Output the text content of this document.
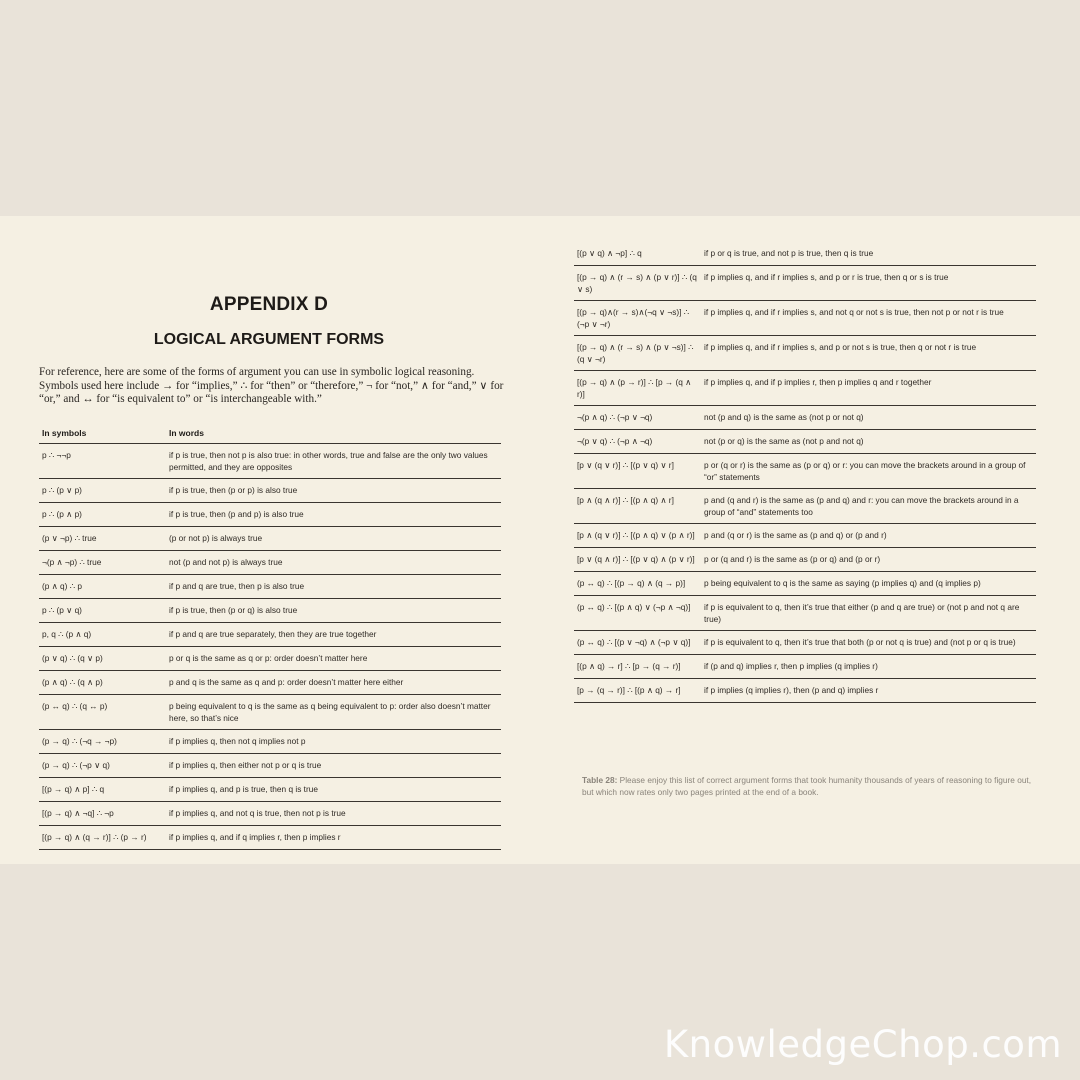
APPENDIX D
LOGICAL ARGUMENT FORMS
For reference, here are some of the forms of argument you can use in symbolic logical reasoning. Symbols used here include → for “implies,” ∴ for “then” or “therefore,” ¬ for “not,” ∧ for “and,” ∨ for “or,” and ↔ for “is equivalent to” or “is interchangeable with.”
In symbols	In words
p ∴ ¬¬p	if p is true, then not p is also true: in other words, true and false are the only two values permitted, and they are opposites
p ∴ (p ∨ p)	if p is true, then (p or p) is also true
p ∴ (p ∧ p)	if p is true, then (p and p) is also true
(p ∨ ¬p) ∴ true	(p or not p) is always true
¬(p ∧ ¬p) ∴ true	not (p and not p) is always true
(p ∧ q) ∴ p	if p and q are true, then p is also true
p ∴ (p ∨ q)	if p is true, then (p or q) is also true
p, q ∴ (p ∧ q)	if p and q are true separately, then they are true together
(p ∨ q) ∴ (q ∨ p)	p or q is the same as q or p: order doesn’t matter here
(p ∧ q) ∴ (q ∧ p)	p and q is the same as q and p: order doesn’t matter here either
(p ↔ q) ∴ (q ↔ p)	p being equivalent to q is the same as q being equivalent to p: order also doesn’t matter here, so that’s nice
(p → q) ∴ (¬q → ¬p)	if p implies q, then not q implies not p
(p → q) ∴ (¬p ∨ q)	if p implies q, then either not p or q is true
[(p → q) ∧ p] ∴ q	if p implies q, and p is true, then q is true
[(p → q) ∧ ¬q] ∴ ¬p	if p implies q, and not q is true, then not p is true
[(p → q) ∧ (q → r)] ∴ (p → r)	if p implies q, and if q implies r, then p implies r
[(p ∨ q) ∧ ¬p] ∴ q	if p or q is true, and not p is true, then q is true
[(p → q) ∧ (r → s) ∧ (p ∨ r)] ∴ (q ∨ s)	if p implies q, and if r implies s, and p or r is true, then q or s is true
[(p → q)∧(r → s)∧(¬q ∨ ¬s)] ∴ (¬p ∨ ¬r)	if p implies q, and if r implies s, and not q or not s is true, then not p or not r is true
[(p → q) ∧ (r → s) ∧ (p ∨ ¬s)] ∴ (q ∨ ¬r)	if p implies q, and if r implies s, and p or not s is true, then q or not r is true
[(p → q) ∧ (p → r)] ∴ [p → (q ∧ r)]	if p implies q, and if p implies r, then p implies q and r together
¬(p ∧ q) ∴ (¬p ∨ ¬q)	not (p and q) is the same as (not p or not q)
¬(p ∨ q) ∴ (¬p ∧ ¬q)	not (p or q) is the same as (not p and not q)
[p ∨ (q ∨ r)] ∴ [(p ∨ q) ∨ r]	p or (q or r) is the same as (p or q) or r: you can move the brackets around in a group of “or” statements
[p ∧ (q ∧ r)] ∴ [(p ∧ q) ∧ r]	p and (q and r) is the same as (p and q) and r: you can move the brackets around in a group of “and” statements too
[p ∧ (q ∨ r)] ∴ [(p ∧ q) ∨ (p ∧ r)]	p and (q or r) is the same as (p and q) or (p and r)
[p ∨ (q ∧ r)] ∴ [(p ∨ q) ∧ (p ∨ r)]	p or (q and r) is the same as (p or q) and (p or r)
(p ↔ q) ∴ [(p → q) ∧ (q → p)]	p being equivalent to q is the same as saying (p implies q) and (q implies p)
(p ↔ q) ∴ [(p ∧ q) ∨ (¬p ∧ ¬q)]	if p is equivalent to q, then it’s true that either (p and q are true) or (not p and not q are true)
(p ↔ q) ∴ [(p ∨ ¬q) ∧ (¬p ∨ q)]	if p is equivalent to q, then it’s true that both (p or not q is true) and (not p or q is true)
[(p ∧ q) → r] ∴ [p → (q → r)]	if (p and q) implies r, then p implies (q implies r)
[p → (q → r)] ∴ [(p ∧ q) → r]	if p implies (q implies r), then (p and q) implies r
Table 28: Please enjoy this list of correct argument forms that took humanity thousands of years of reasoning to figure out, but which now rates only two pages printed at the end of a book.
KnowledgeChop.com
